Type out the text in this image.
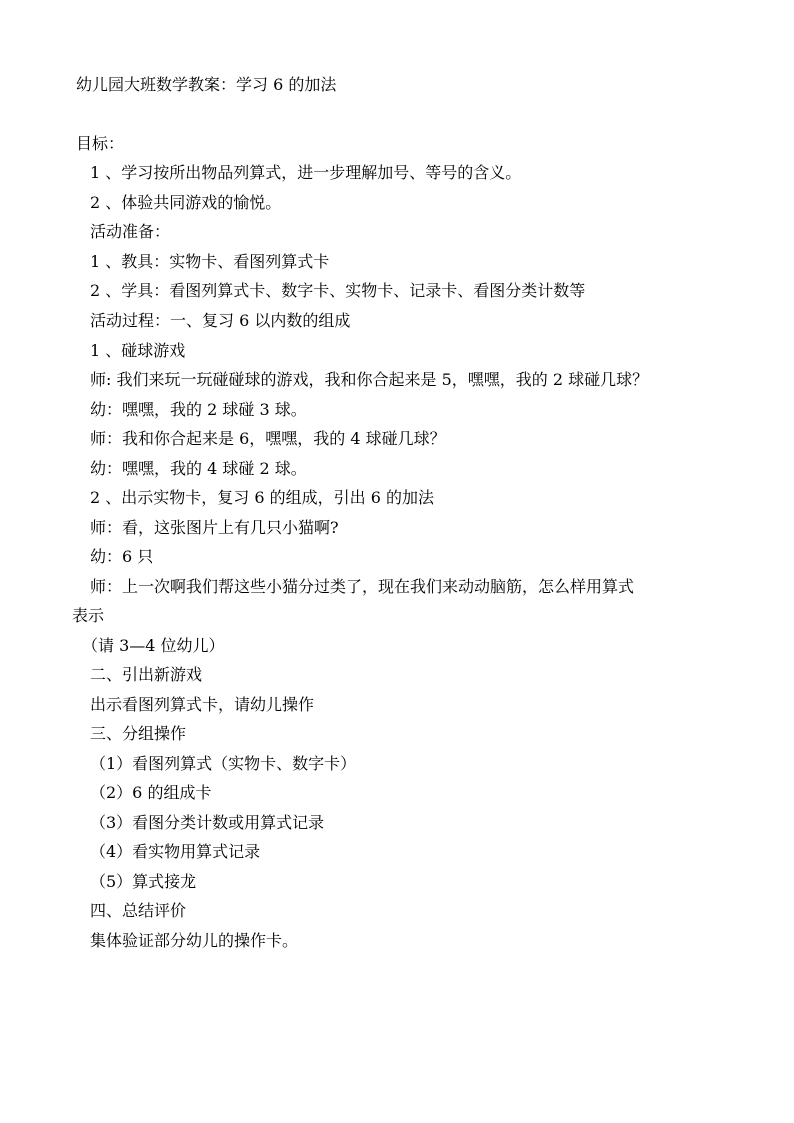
幼儿园大班数学教案：学习 6 的加法
目标：
1 、学习按所出物品列算式，进一步理解加号、等号的含义。
2 、体验共同游戏的愉悦。
活动准备：
1 、教具：实物卡、看图列算式卡
2 、学具：看图列算式卡、数字卡、实物卡、记录卡、看图分类计数等
活动过程：一、复习 6 以内数的组成
1 、碰球游戏
师: 我们来玩一玩碰碰球的游戏，我和你合起来是 5，嘿嘿，我的 2 球碰几球？
幼：嘿嘿，我的 2 球碰 3 球。
师：我和你合起来是 6，嘿嘿，我的 4 球碰几球？
幼：嘿嘿，我的 4 球碰 2 球。
2 、出示实物卡，复习 6 的组成，引出 6 的加法
师：看，这张图片上有几只小猫啊?
幼：6 只
师：上一次啊我们帮这些小猫分过类了，现在我们来动动脑筋，怎么样用算式
表示
（请 3—4 位幼儿）
二、引出新游戏
出示看图列算式卡，请幼儿操作
三、分组操作
（1）看图列算式（实物卡、数字卡）
（2）6 的组成卡
（3）看图分类计数或用算式记录
（4）看实物用算式记录
（5）算式接龙
四、总结评价
集体验证部分幼儿的操作卡。
